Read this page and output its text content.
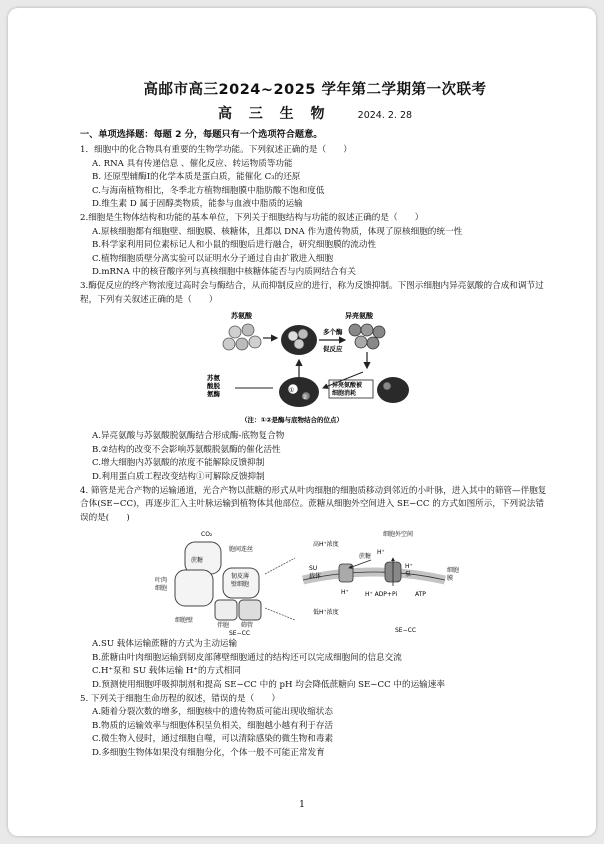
高邮市高三2024~2025 学年第二学期第一次联考
高 三 生 物	2024. 2. 28
一、单项选择题：每题 2 分，每题只有一个选项符合题意。

1．细胞中的化合物具有重要的生物学功能。下列叙述正确的是（　　）

A. RNA 具有传递信息 、催化反应、转运物质等功能

B. 还原型辅酶Ⅰ的化学本质是蛋白质，能催化 C₃的还原

C.与海南植物相比，冬季北方植物细胞膜中脂肪酸不饱和度低

D.维生素 D 属于固醇类物质，能参与血液中脂质的运输

2.细胞是生物体结构和功能的基本单位，下列关于细胞结构与功能的叙述正确的是（　　）

A.原核细胞都有细胞壁、细胞膜、核糖体，且都以 DNA 作为遗传物质，体现了原核细胞的统一性

B.科学家利用同位素标记人和小鼠的细胞后进行融合，研究细胞膜的流动性

C.植物细胞质壁分离实验可以证明水分子通过自由扩散进入细胞

D.mRNA 中的核苷酸序列与真核细胞中核糖体能否与内质网结合有关

3.酶促反应的终产物浓度过高时会与酶结合，从而抑制反应的进行，称为反馈抑制。下图示细胞内异亮氨酸的合成和调节过程，下列有关叙述正确的是（　　）

苏氨酸	异亮氨酸
多个酶
促反应
苏氨
酸脱
氨酶	①
②
异亮氨酸被
细胞消耗
（注：①②是酶与底物结合的位点）

A.异亮氨酸与苏氨酸脱氨酶结合形成酶-底物复合物

B.②结构的改变不会影响苏氨酸脱氨酶的催化活性

C.增大细胞内苏氨酸的浓度不能解除反馈抑制

D.利用蛋白质工程改变结构①可解除反馈抑制

4. 筛管是光合产物的运输通道，光合产物以蔗糖的形式从叶肉细胞的细胞质移动到邻近的小叶脉，进入其中的筛管—伴胞复合体(SE−CC)，再逐步汇入主叶脉运输到植物体其他部位。蔗糖从细胞外空间进入 SE−CC 的方式如图所示，下列说法错误的是(　　)

CO₂
蔗糖
胞间连丝
韧皮薄
壁细胞
叶肉
细胞
细胞壁
伴胞 筛管
SE−CC
细胞外空间
高H⁺浓度
SU
载体
蔗糖
H⁺
H⁺
泵
H⁺	H⁺ ADP+Pi	ATP
低H⁺浓度
细胞
膜
SE−CC

A.SU 载体运输蔗糖的方式为主动运输

B.蔗糖由叶肉细胞运输到韧皮部薄壁细胞通过的结构还可以完成细胞间的信息交流

C.H⁺泵和 SU 载体运输 H⁺的方式相同

D.预测使用细胞呼吸抑制剂和提高 SE−CC 中的 pH 均会降低蔗糖向 SE−CC 中的运输速率

5. 下列关于细胞生命历程的叙述，错误的是（　　）

A.随着分裂次数的增多，细胞核中的遗传物质可能出现收缩状态

B.物质的运输效率与细胞体积呈负相关，细胞越小越有利于存活

C.微生物入侵时，通过细胞自噬，可以清除感染的微生物和毒素

D.多细胞生物体如果没有细胞分化，个体一般不可能正常发育

1
